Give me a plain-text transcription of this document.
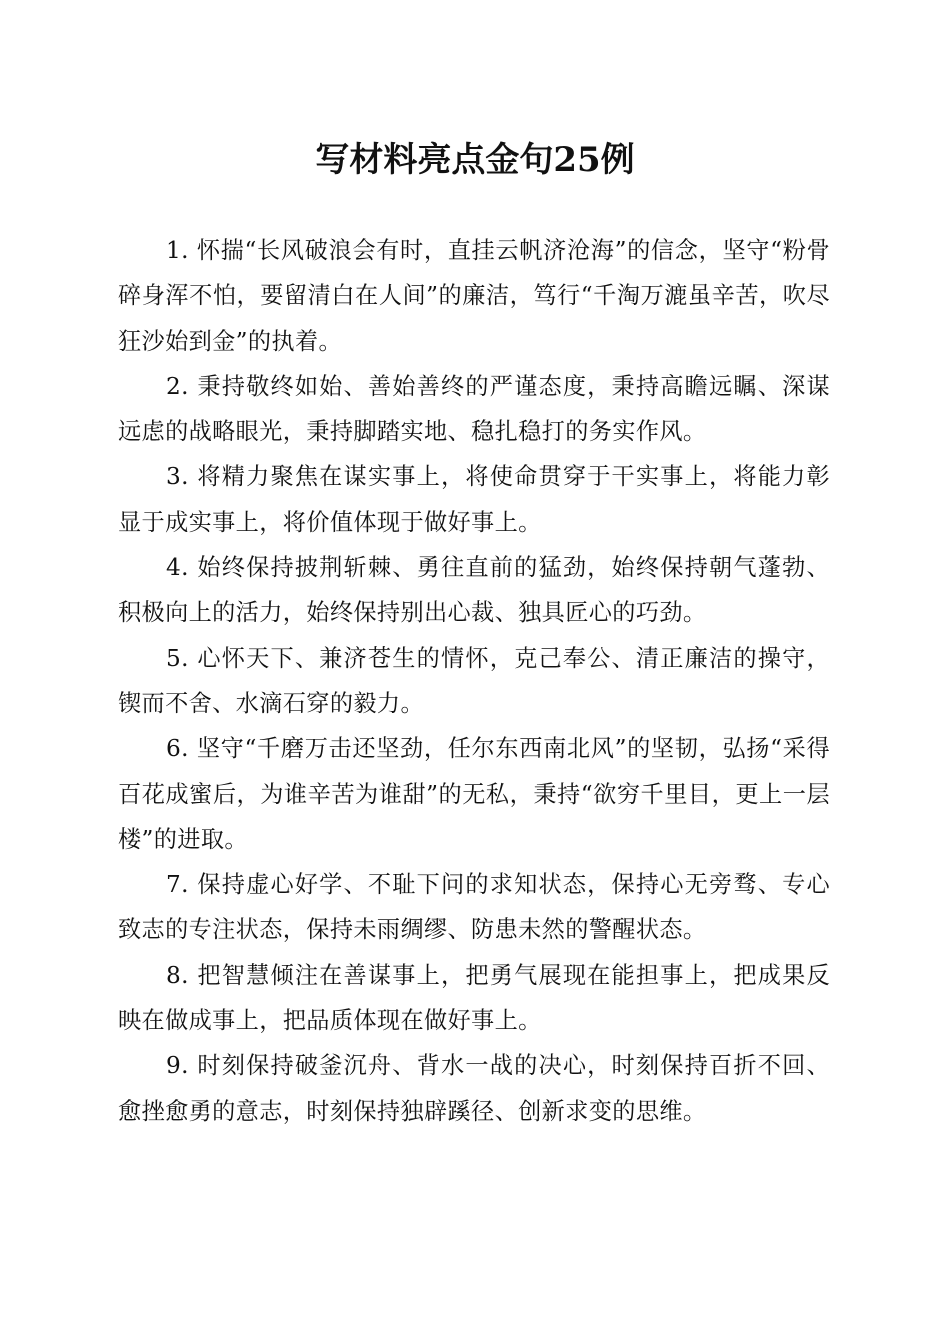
写材料亮点金句25例

1. 怀揣“长风破浪会有时，直挂云帆济沧海”的信念，坚守“粉骨碎身浑不怕，要留清白在人间”的廉洁，笃行“千淘万漉虽辛苦，吹尽狂沙始到金”的执着。

2. 秉持敬终如始、善始善终的严谨态度，秉持高瞻远瞩、深谋远虑的战略眼光，秉持脚踏实地、稳扎稳打的务实作风。

3. 将精力聚焦在谋实事上，将使命贯穿于干实事上，将能力彰显于成实事上，将价值体现于做好事上。

4. 始终保持披荆斩棘、勇往直前的猛劲，始终保持朝气蓬勃、积极向上的活力，始终保持别出心裁、独具匠心的巧劲。

5. 心怀天下、兼济苍生的情怀，克己奉公、清正廉洁的操守，锲而不舍、水滴石穿的毅力。

6. 坚守“千磨万击还坚劲，任尔东西南北风”的坚韧，弘扬“采得百花成蜜后，为谁辛苦为谁甜”的无私，秉持“欲穷千里目，更上一层楼”的进取。

7. 保持虚心好学、不耻下问的求知状态，保持心无旁骛、专心致志的专注状态，保持未雨绸缪、防患未然的警醒状态。

8. 把智慧倾注在善谋事上，把勇气展现在能担事上，把成果反映在做成事上，把品质体现在做好事上。

9. 时刻保持破釜沉舟、背水一战的决心，时刻保持百折不回、愈挫愈勇的意志，时刻保持独辟蹊径、创新求变的思维。
